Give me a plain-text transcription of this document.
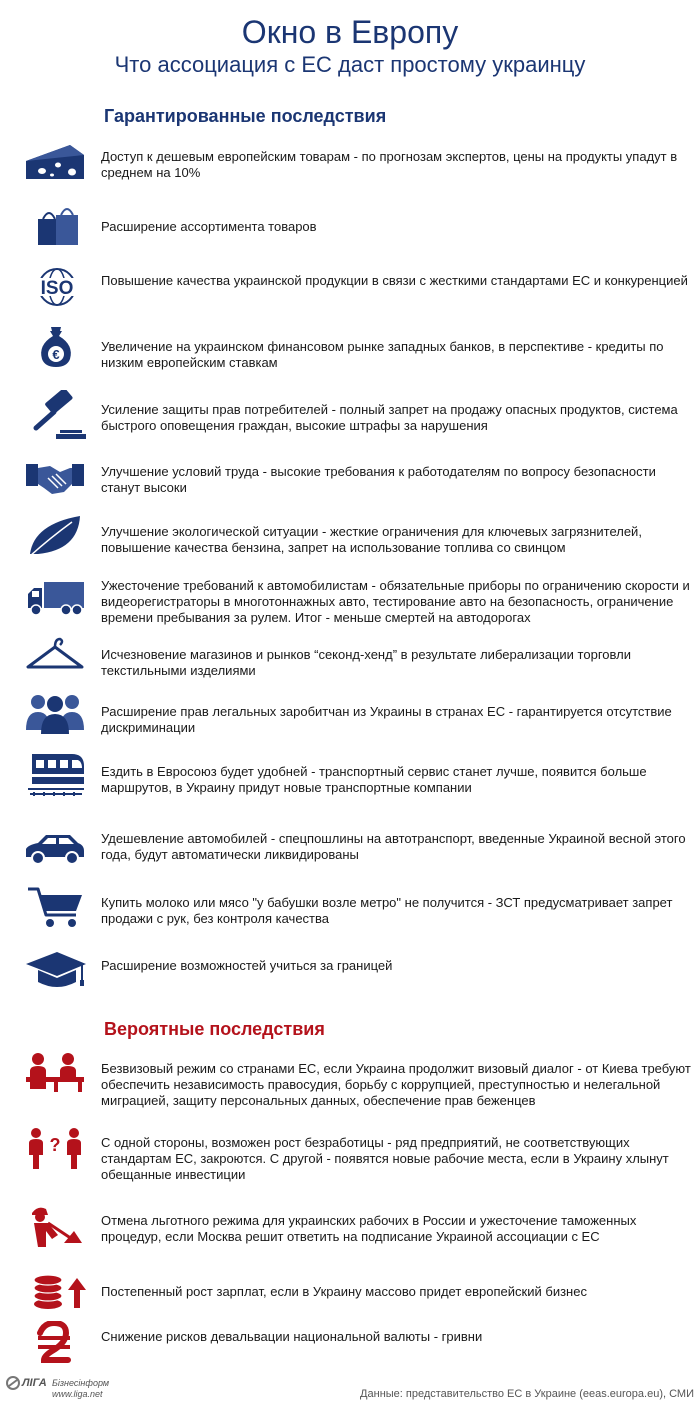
Окно в Европу
Что ассоциация с ЕС даст простому украинцу
Гарантированные последствия
Доступ к дешевым европейским товарам - по прогнозам экспертов, цены на продукты упадут в среднем на 10%
Расширение ассортимента товаров
ISO Повышение качества украинской продукции в связи с жесткими стандартами ЕС и конкуренцией
€
Увеличение на украинском финансовом рынке западных банков, в перспективе - кредиты по низким европейским ставкам
Усиление защиты прав потребителей - полный запрет на продажу опасных продуктов, система быстрого оповещения граждан, высокие штрафы за нарушения
Улучшение условий труда - высокие требования к работодателям по вопросу безопасности станут высоки
Улучшение экологической ситуации - жесткие ограничения для ключевых загрязнителей, повышение качества бензина, запрет на использование топлива со свинцом
Ужесточение требований к автомобилистам - обязательные приборы по ограничению скорости и видеорегистраторы в многотоннажных авто, тестирование авто на безопасность, ограничение времени пребывания за рулем. Итог - меньше смертей на автодорогах
Исчезновение магазинов и рынков “секонд-хенд” в результате либерализации торговли текстильными изделиями
Расширение прав легальных заробитчан из Украины в странах ЕС - гарантируется отсутствие дискриминации
Ездить в Евросоюз будет удобней - транспортный сервис станет лучше, появится больше маршрутов, в Украину придут новые транспортные компании
Удешевление автомобилей - спецпошлины на автотранспорт, введенные Украиной весной этого года, будут автоматически ликвидированы
Купить молоко или мясо "у бабушки возле метро" не получится - ЗСТ предусматривает запрет продажи с рук, без контроля качества
Расширение возможностей учиться за границей
Вероятные последствия
Безвизовый режим со странами ЕС, если Украина продолжит визовый диалог - от Киева требуют обеспечить независимость правосудия, борьбу с коррупцией, преступностью и нелегальной миграцией, защиту персональных данных, обеспечение прав беженцев
?	С одной стороны, возможен рост безработицы - ряд предприятий, не соответствующих стандартам ЕС, закроются. С другой - появятся новые рабочие места, если в Украину хлынут обещанные инвестиции
Отмена льготного режима для украинских рабочих в России и ужесточение таможенных процедур, если Москва решит ответить на подписание Украиной ассоциации с ЕС
Постепенный рост зарплат, если в Украину массово придет европейский бизнес
Снижение рисков девальвации национальной валюты - гривни
ЛIГА Бізнесінформ
www.liga.net	Данные: представительство ЕС в Украине (eeas.europa.eu), СМИ
